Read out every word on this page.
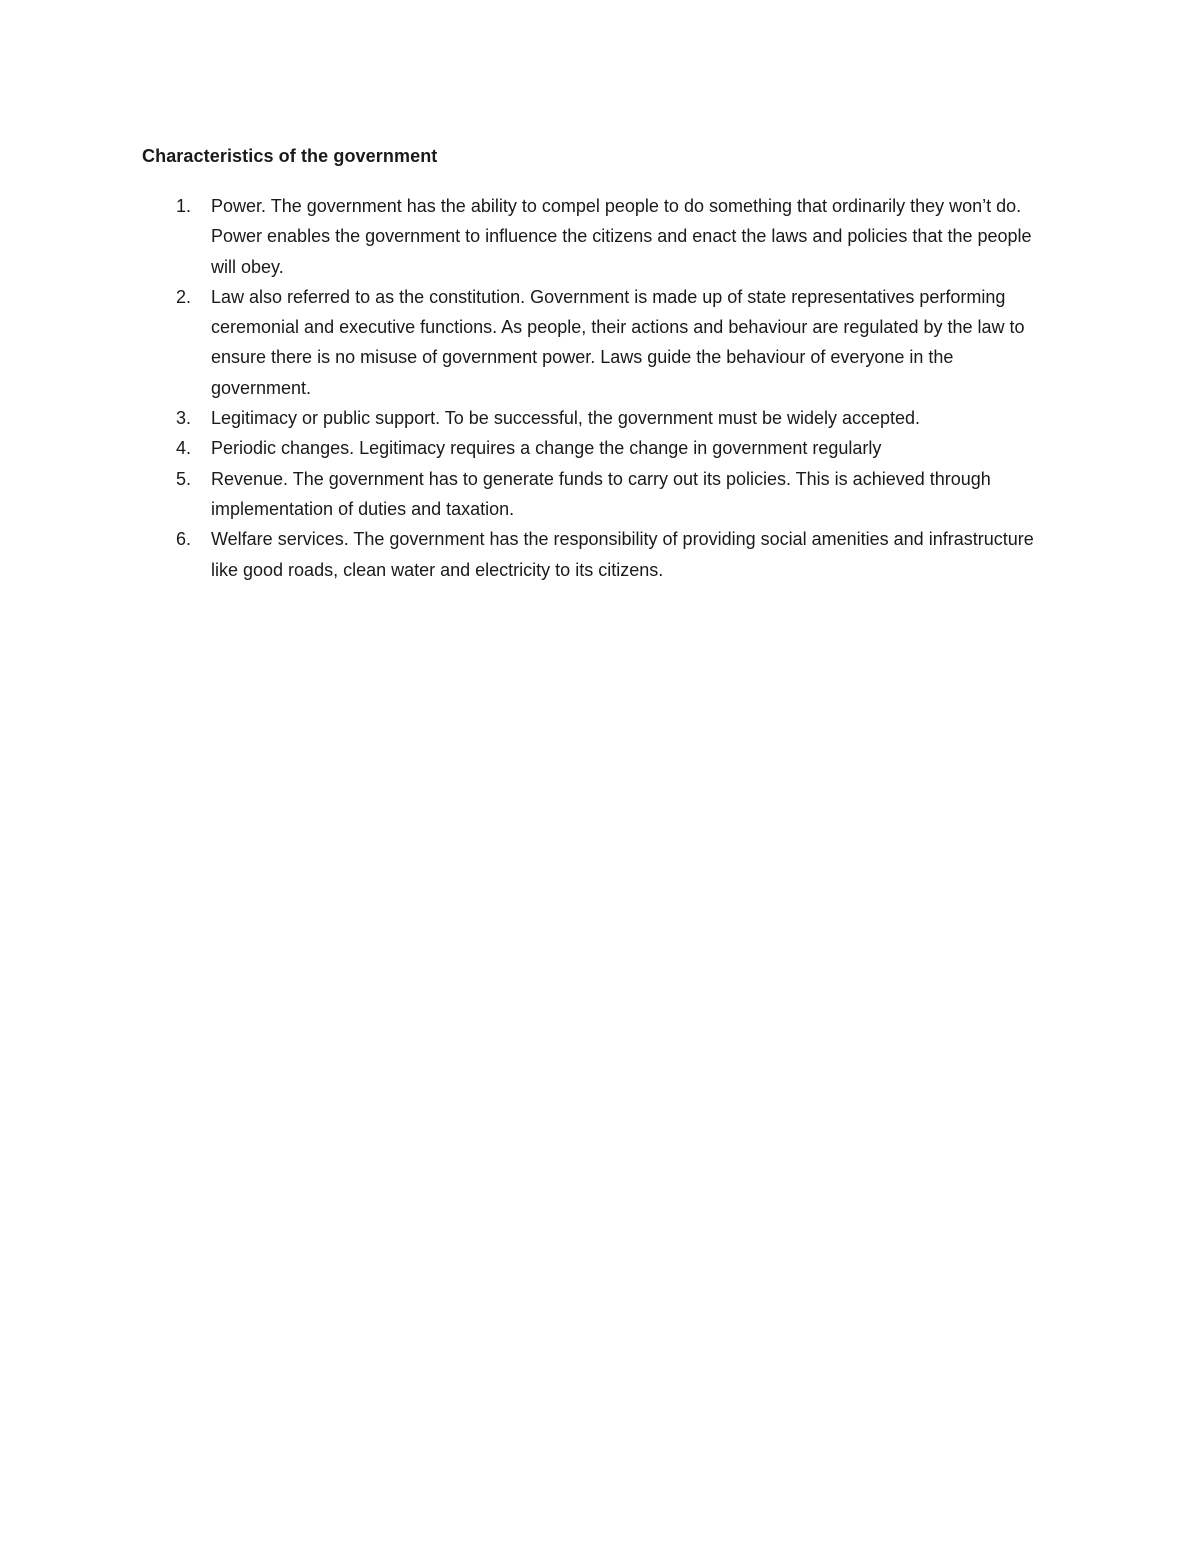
Characteristics of the government
1. Power. The government has the ability to compel people to do something that ordinarily they won’t do. Power enables the government to influence the citizens and enact the laws and policies that the people will obey.
2. Law also referred to as the constitution. Government is made up of state representatives performing ceremonial and executive functions. As people, their actions and behaviour are regulated by the law to ensure there is no misuse of government power. Laws guide the behaviour of everyone in the government.
3. Legitimacy or public support. To be successful, the government must be widely accepted.
4. Periodic changes. Legitimacy requires a change the change in government regularly
5. Revenue. The government has to generate funds to carry out its policies. This is achieved through implementation of duties and taxation.
6. Welfare services. The government has the responsibility of providing social amenities and infrastructure like good roads, clean water and electricity to its citizens.
